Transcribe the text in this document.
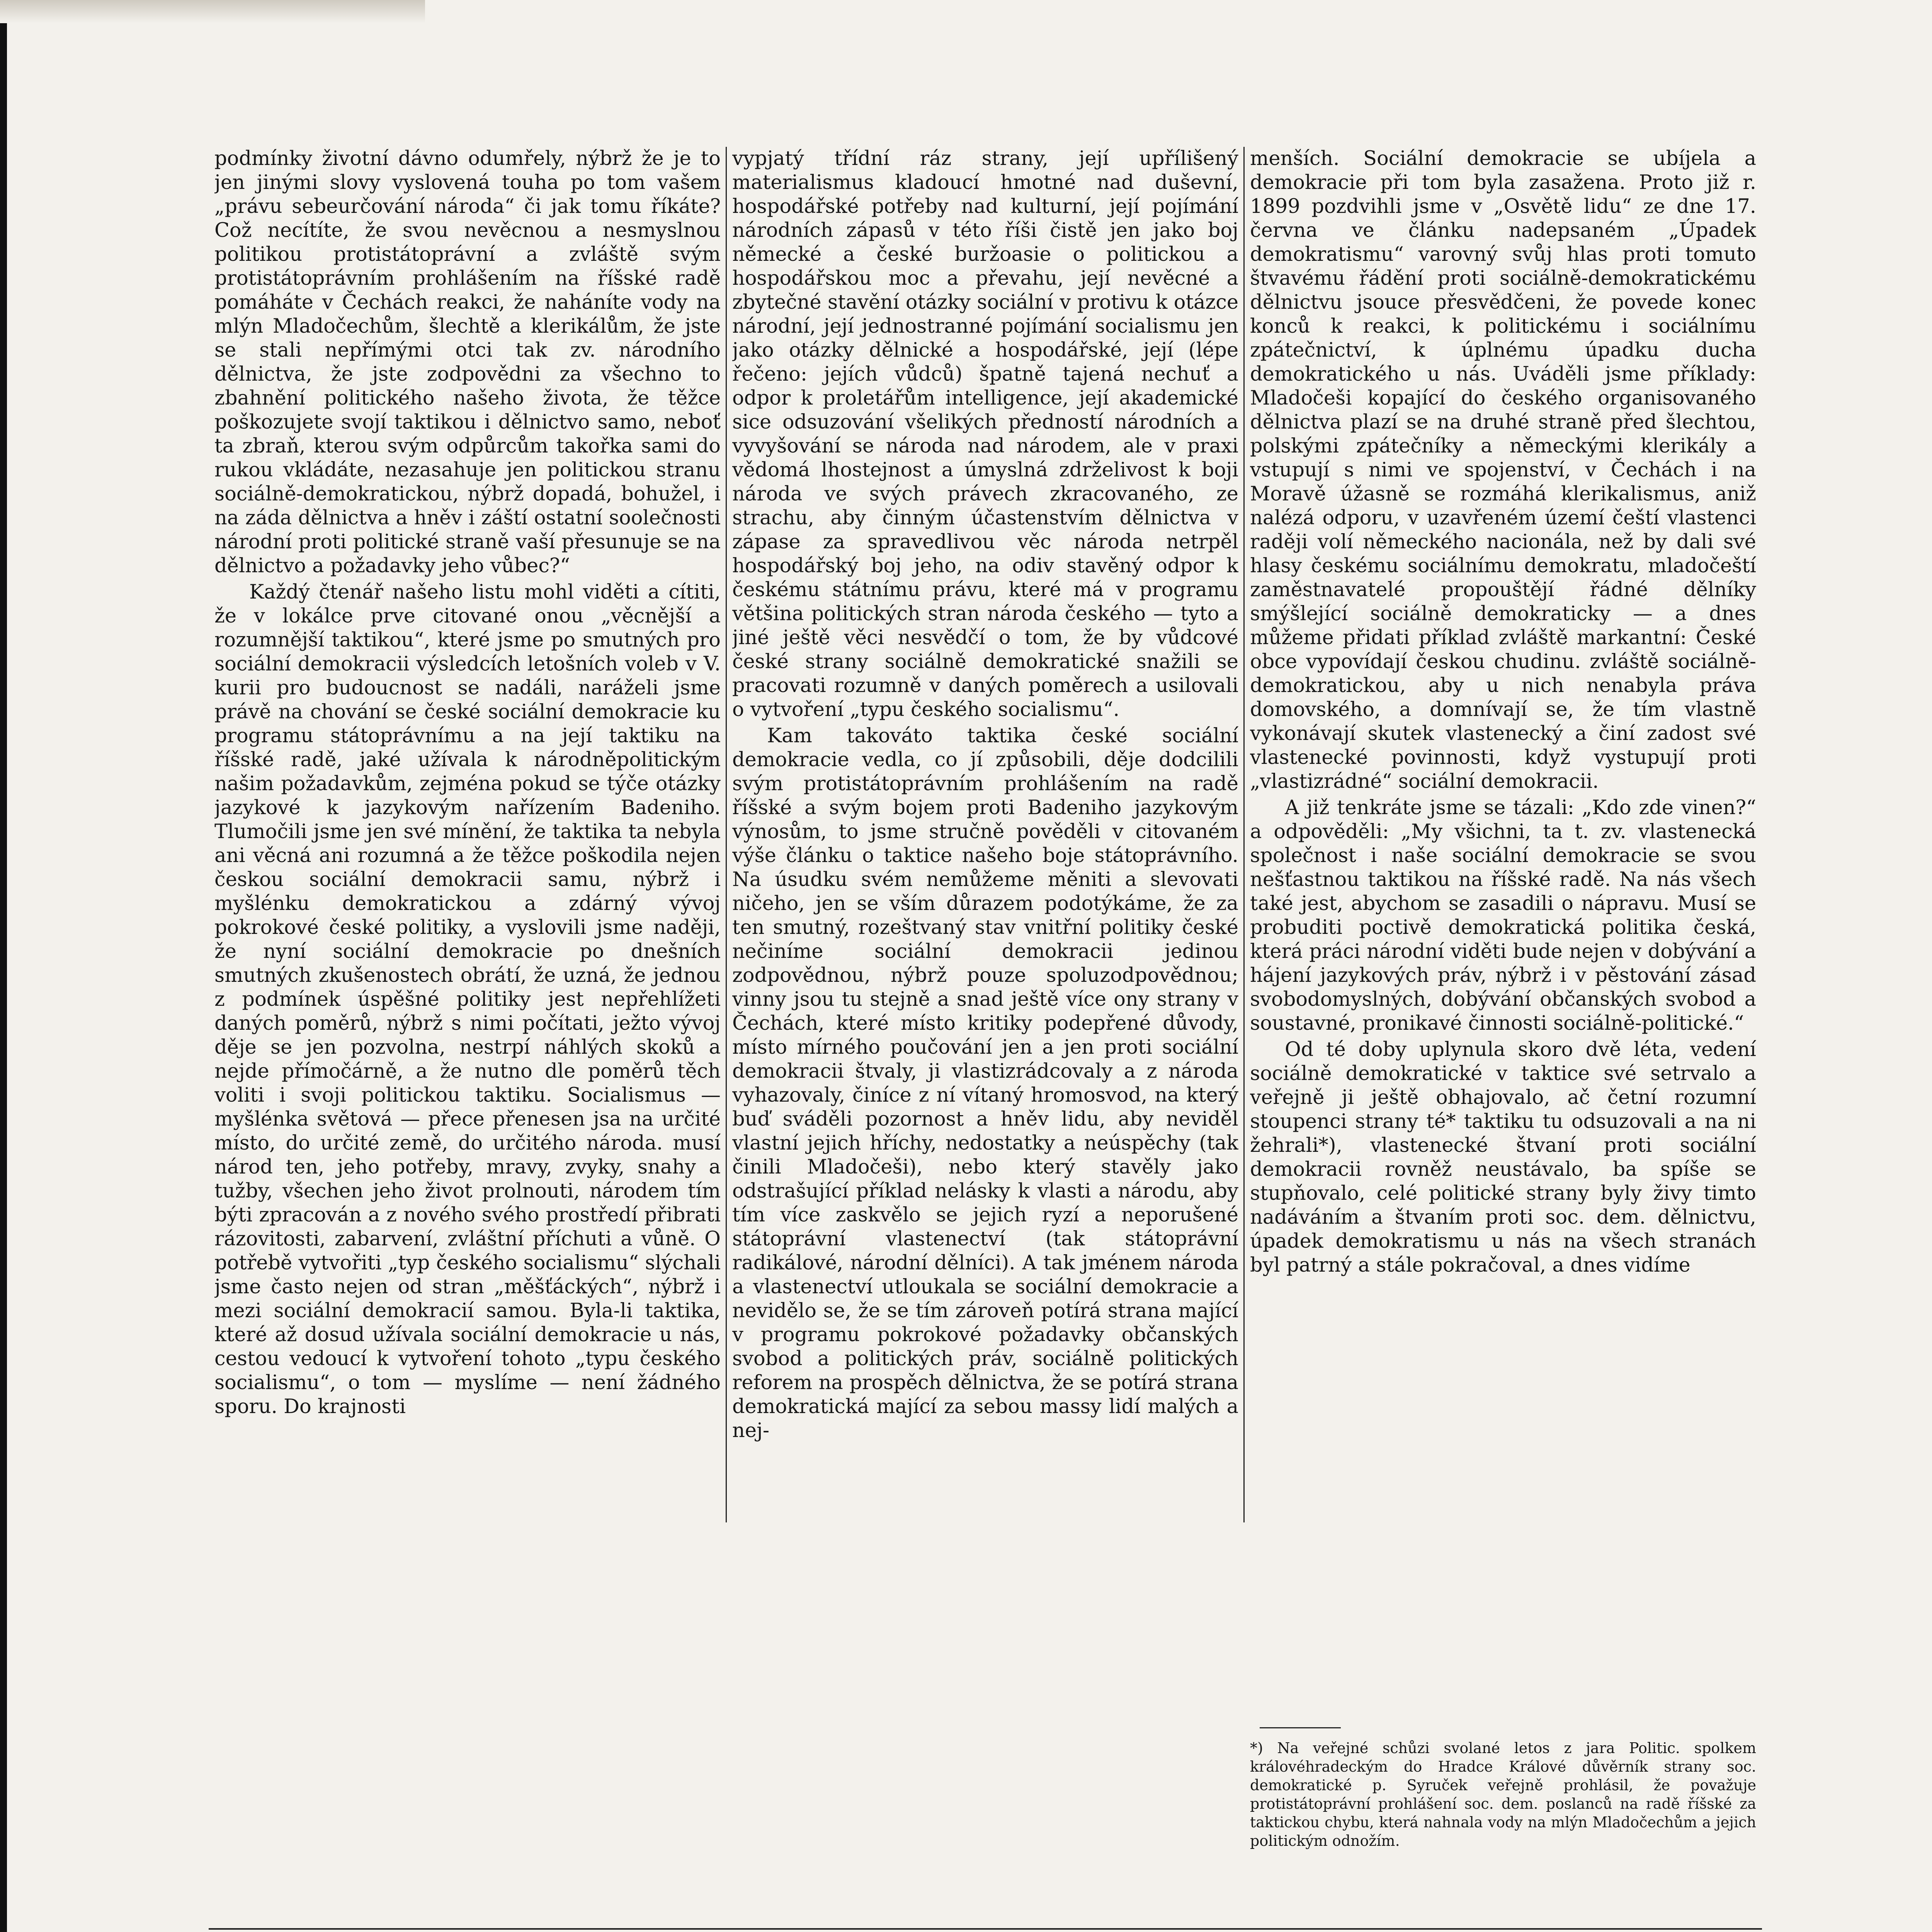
podmínky životní dávno odumřely, nýbrž že je to jen jinými slovy vyslovená touha po tom vašem „právu sebeurčování národa“ či jak tomu říkáte? Což necítíte, že svou nevěcnou a nesmyslnou politikou protistátoprávní a zvláště svým protistátoprávním prohlášením na říšské radě pomáháte v Čechách reakci, že naháníte vody na mlýn Mladočechům, šlechtě a klerikálům, že jste se stali nepřímými otci tak zv. národního dělnictva, že jste zodpovědni za všechno to zbahnění politického našeho života, že těžce poškozujete svojí taktikou i dělnictvo samo, neboť ta zbraň, kterou svým odpůrcům takořka sami do rukou vkládáte, nezasahuje jen politickou stranu sociálně-demokratickou, nýbrž dopadá, bohužel, i na záda dělnictva a hněv i záští ostatní soolečnosti národní proti politické straně vaší přesunuje se na dělnictvo a požadavky jeho vůbec?“

Každý čtenář našeho listu mohl viděti a cítiti, že v lokálce prve citované onou „věcnější a rozumnější taktikou“, které jsme po smutných pro sociální demokracii výsledcích letošních voleb v V. kurii pro budoucnost se nadáli, naráželi jsme právě na chování se české sociální demokracie ku programu státoprávnímu a na její taktiku na říšské radě, jaké užívala k národněpolitickým našim požadavkům, zejména pokud se týče otázky jazykové k jazykovým nařízením Badeniho. Tlumočili jsme jen své mínění, že taktika ta nebyla ani věcná ani rozumná a že těžce poškodila nejen českou sociální demokracii samu, nýbrž i myšlénku demokratickou a zdárný vývoj pokrokové české politiky, a vyslovili jsme naději, že nyní sociální demokracie po dnešních smutných zkušenostech obrátí, že uzná, že jednou z podmínek úspěšné politiky jest nepřehlížeti daných poměrů, nýbrž s nimi počítati, ježto vývoj děje se jen pozvolna, nestrpí náhlých skoků a nejde přímočárně, a že nutno dle poměrů těch voliti i svoji politickou taktiku. Socialismus — myšlénka světová — přece přenesen jsa na určité místo, do určité země, do určitého národa. musí národ ten, jeho potřeby, mravy, zvyky, snahy a tužby, všechen jeho život prolnouti, národem tím býti zpracován a z nového svého prostředí přibrati rázovitosti, zabarvení, zvláštní příchuti a vůně. O potřebě vytvořiti „typ českého socialismu“ slýchali jsme často nejen od stran „měšťáckých“, nýbrž i mezi sociální demokracií samou. Byla-li taktika, které až dosud užívala sociální demokracie u nás, cestou vedoucí k vytvoření tohoto „typu českého socialismu“, o tom — myslíme — není žádného sporu. Do krajnosti

vypjatý třídní ráz strany, její upřílišený materialismus kladoucí hmotné nad duševní, hospodářské potřeby nad kulturní, její pojímání národních zápasů v této říši čistě jen jako boj německé a české buržoasie o politickou a hospodářskou moc a převahu, její nevěcné a zbytečné stavění otázky sociální v protivu k otázce národní, její jednostranné pojímání socialismu jen jako otázky dělnické a hospodářské, její (lépe řečeno: jejích vůdců) špatně tajená nechuť a odpor k proletářům intelligence, její akademické sice odsuzování všelikých předností národních a vyvyšování se národa nad národem, ale v praxi vědomá lhostejnost a úmyslná zdrželivost k boji národa ve svých právech zkracovaného, ze strachu, aby činným účastenstvím dělnictva v zápase za spravedlivou věc národa netrpěl hospodářský boj jeho, na odiv stavěný odpor k českému státnímu právu, které má v programu většina politických stran národa českého — tyto a jiné ještě věci nesvědčí o tom, že by vůdcové české strany sociálně demokratické snažili se pracovati rozumně v daných poměrech a usilovali o vytvoření „typu českého socialismu“.

Kam takováto taktika české sociální demokracie vedla, co jí způsobili, děje dodcilili svým protistátoprávním prohlášením na radě říšské a svým bojem proti Badeniho jazykovým výnosům, to jsme stručně pověděli v citovaném výše článku o taktice našeho boje státoprávního. Na úsudku svém nemůžeme měniti a slevovati ničeho, jen se vším důrazem podotýkáme, že za ten smutný, rozeštvaný stav vnitřní politiky české nečiníme sociální demokracii jedinou zodpovědnou, nýbrž pouze spoluzodpovědnou; vinny jsou tu stejně a snad ještě více ony strany v Čechách, které místo kritiky podepřené důvody, místo mírného poučování jen a jen proti sociální demokracii štvaly, ji vlastizrádcovaly a z národa vyhazovaly, činíce z ní vítaný hromosvod, na který buď sváděli pozornost a hněv lidu, aby neviděl vlastní jejich hříchy, nedostatky a neúspěchy (tak činili Mladočeši), nebo který stavěly jako odstrašující příklad nelásky k vlasti a národu, aby tím více zaskvělo se jejich ryzí a neporušené státoprávní vlastenectví (tak státoprávní radikálové, národní dělníci). A tak jménem národa a vlastenectví utloukala se sociální demokracie a nevidělo se, že se tím zároveň potírá strana mající v programu pokrokové požadavky občanských svobod a politických práv, sociálně politických reforem na prospěch dělnictva, že se potírá strana demokratická mající za sebou massy lidí malých a nej-

menších. Sociální demokracie se ubíjela a demokracie při tom byla zasažena. Proto již r. 1899 pozdvihli jsme v „Osvětě lidu“ ze dne 17. června ve článku nadepsaném „Úpadek demokratismu“ varovný svůj hlas proti tomuto štvavému řádění proti sociálně-demokratickému dělnictvu jsouce přesvědčeni, že povede konec konců k reakci, k politickému i sociálnímu zpátečnictví, k úplnému úpadku ducha demokratického u nás. Uváděli jsme příklady: Mladočeši kopající do českého organisovaného dělnictva plazí se na druhé straně před šlechtou, polskými zpátečníky a německými klerikály a vstupují s nimi ve spojenství, v Čechách i na Moravě úžasně se rozmáhá klerikalismus, aniž nalézá odporu, v uzavřeném území čeští vlastenci raději volí německého nacionála, než by dali své hlasy českému sociálnímu demokratu, mladočeští zaměstnavatelé propouštějí řádné dělníky smýšlející sociálně demokraticky — a dnes můžeme přidati příklad zvláště markantní: České obce vypovídají českou chudinu. zvláště sociálně-demokratickou, aby u nich nenabyla práva domovského, a domnívají se, že tím vlastně vykonávají skutek vlastenecký a činí zadost své vlastenecké povinnosti, když vystupují proti „vlastizrádné“ sociální demokracii.

A již tenkráte jsme se tázali: „Kdo zde vinen?“ a odpověděli: „My všichni, ta t. zv. vlastenecká společnost i naše sociální demokracie se svou nešťastnou taktikou na říšské radě. Na nás všech také jest, abychom se zasadili o nápravu. Musí se probuditi poctivě demokratická politika česká, která práci národní viděti bude nejen v dobývání a hájení jazykových práv, nýbrž i v pěstování zásad svobodomyslných, dobývání občanských svobod a soustavné, pronikavé činnosti sociálně-politické.“

Od té doby uplynula skoro dvě léta, vedení sociálně demokratické v taktice své setrvalo a veřejně ji ještě obhajovalo, ač četní rozumní stoupenci strany té* taktiku tu odsuzovali a na ni žehrali*), vlastenecké štvaní proti sociální demokracii rovněž neustávalo, ba spíše se stupňovalo, celé politické strany byly živy timto nadáváním a štvaním proti soc. dem. dělnictvu, úpadek demokratismu u nás na všech stranách byl patrný a stále pokračoval, a dnes vidíme

*) Na veřejné schůzi svolané letos z jara Politic. spolkem královéhradeckým do Hradce Králové důvěrník strany soc. demokratické p. Syruček veřejně prohlásil, že považuje protistátoprávní prohlášení soc. dem. poslanců na radě říšské za taktickou chybu, která nahnala vody na mlýn Mladočechům a jejich politickým odnožím.
